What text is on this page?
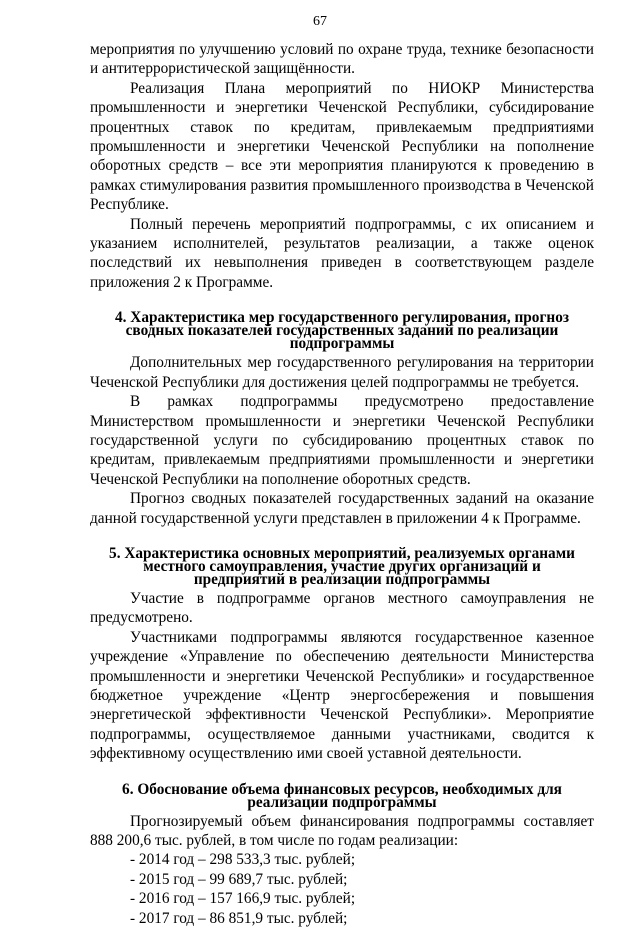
67

мероприятия по улучшению условий по охране труда, технике безопасности и антитеррористической защищённости.

Реализация Плана мероприятий по НИОКР Министерства промышленности и энергетики Чеченской Республики, субсидирование процентных ставок по кредитам, привлекаемым предприятиями промышленности и энергетики Чеченской Республики на пополнение оборотных средств – все эти мероприятия планируются к проведению в рамках стимулирования развития промышленного производства в Чеченской Республике.

Полный перечень мероприятий подпрограммы, с их описанием и указанием исполнителей, результатов реализации, а также оценок последствий их невыполнения приведен в соответствующем разделе приложения 2 к Программе.

4. Характеристика мер государственного регулирования, прогноз сводных показателей государственных заданий по реализации подпрограммы

Дополнительных мер государственного регулирования на территории Чеченской Республики для достижения целей подпрограммы не требуется.

В рамках подпрограммы предусмотрено предоставление Министерством промышленности и энергетики Чеченской Республики государственной услуги по субсидированию процентных ставок по кредитам, привлекаемым предприятиями промышленности и энергетики Чеченской Республики на пополнение оборотных средств.

Прогноз сводных показателей государственных заданий на оказание данной государственной услуги представлен в приложении 4 к Программе.

5. Характеристика основных мероприятий, реализуемых органами местного самоуправления, участие других организаций и предприятий в реализации подпрограммы

Участие в подпрограмме органов местного самоуправления не предусмотрено.

Участниками подпрограммы являются государственное казенное учреждение «Управление по обеспечению деятельности Министерства промышленности и энергетики Чеченской Республики» и государственное бюджетное учреждение «Центр энергосбережения и повышения энергетической эффективности Чеченской Республики». Мероприятие подпрограммы, осуществляемое данными участниками, сводится к эффективному осуществлению ими своей уставной деятельности.

6. Обоснование объема финансовых ресурсов, необходимых для реализации подпрограммы

Прогнозируемый объем финансирования подпрограммы составляет 888 200,6 тыс. рублей, в том числе по годам реализации:

- 2014 год – 298 533,3 тыс. рублей;
- 2015 год – 99 689,7 тыс. рублей;
- 2016 год – 157 166,9 тыс. рублей;
- 2017 год – 86 851,9 тыс. рублей;
